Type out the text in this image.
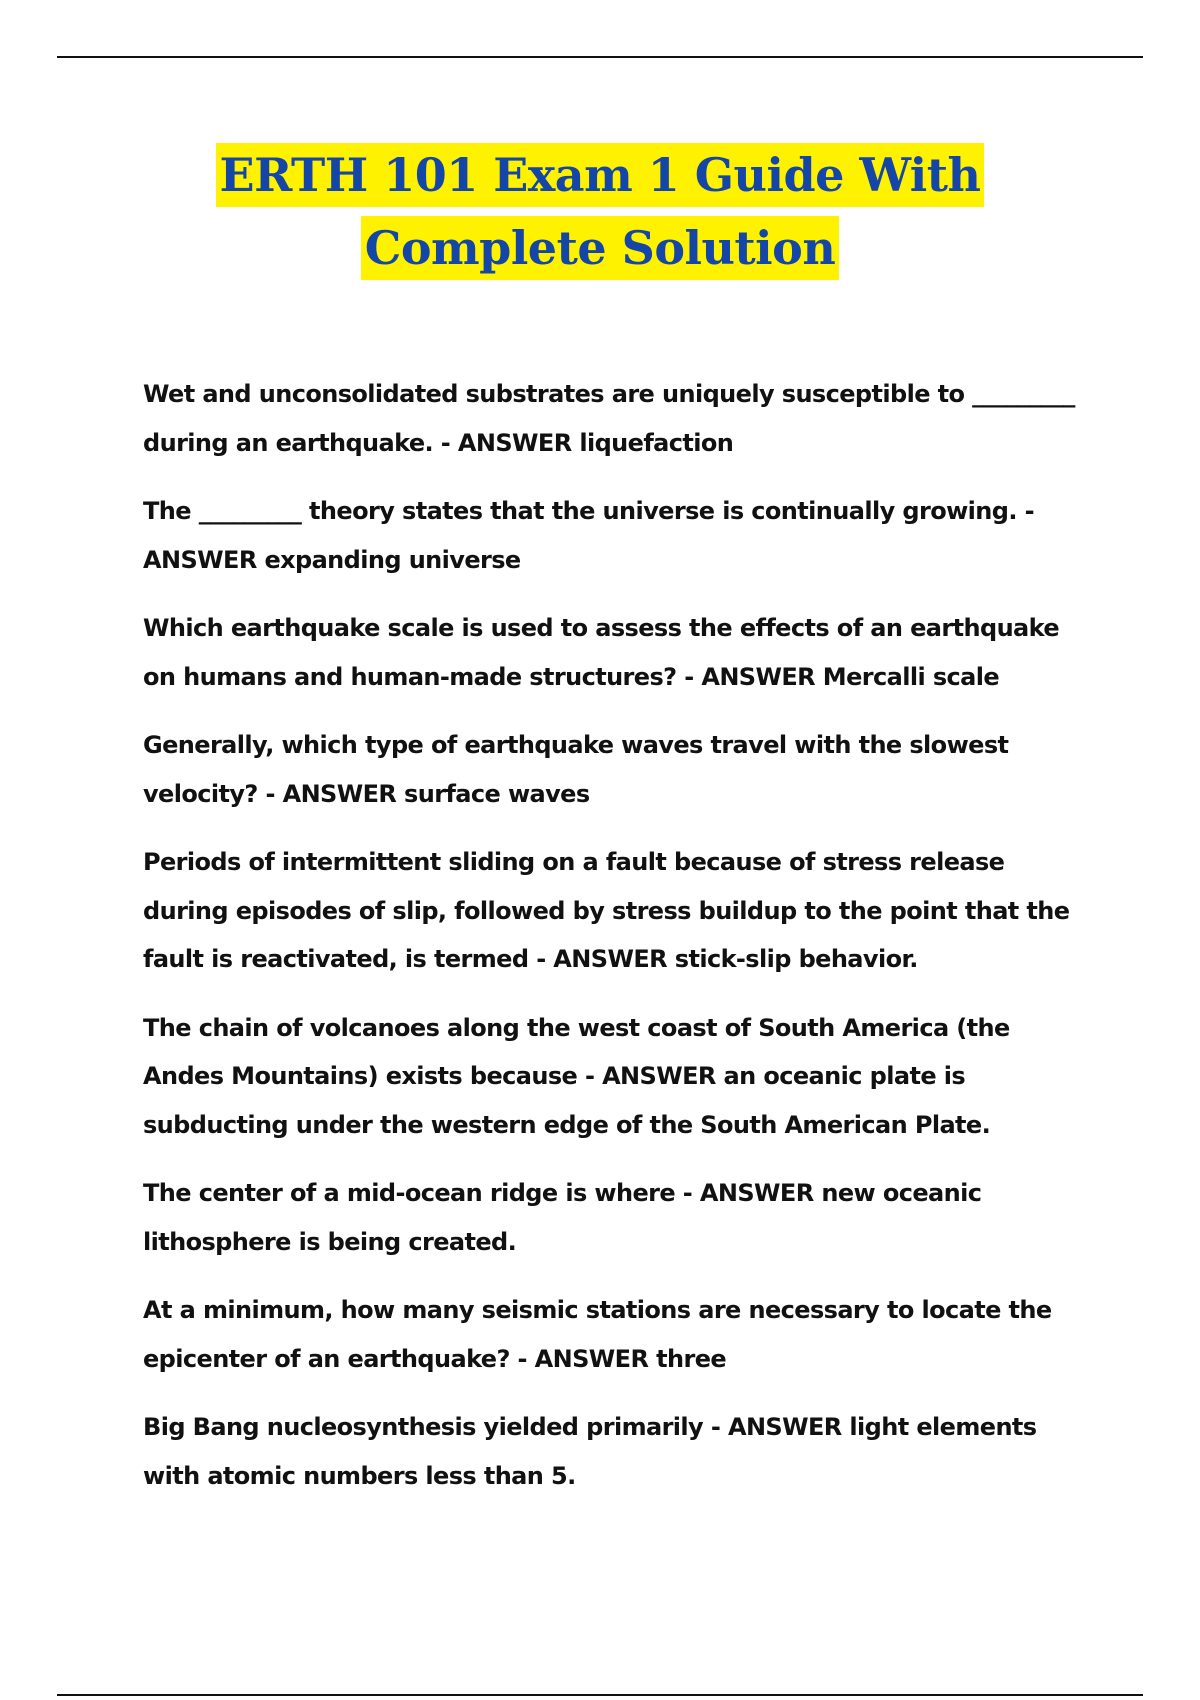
ERTH 101 Exam 1 Guide With
Complete Solution
Wet and unconsolidated substrates are uniquely susceptible to _________ during an earthquake. - ANSWER liquefaction
The _________ theory states that the universe is continually growing. - ANSWER expanding universe
Which earthquake scale is used to assess the effects of an earthquake on humans and human-made structures? - ANSWER Mercalli scale
Generally, which type of earthquake waves travel with the slowest velocity? - ANSWER surface waves
Periods of intermittent sliding on a fault because of stress release during episodes of slip, followed by stress buildup to the point that the fault is reactivated, is termed - ANSWER stick-slip behavior.
The chain of volcanoes along the west coast of South America (the Andes Mountains) exists because - ANSWER an oceanic plate is subducting under the western edge of the South American Plate.
The center of a mid-ocean ridge is where - ANSWER new oceanic lithosphere is being created.
At a minimum, how many seismic stations are necessary to locate the epicenter of an earthquake? - ANSWER three
Big Bang nucleosynthesis yielded primarily - ANSWER light elements with atomic numbers less than 5.
